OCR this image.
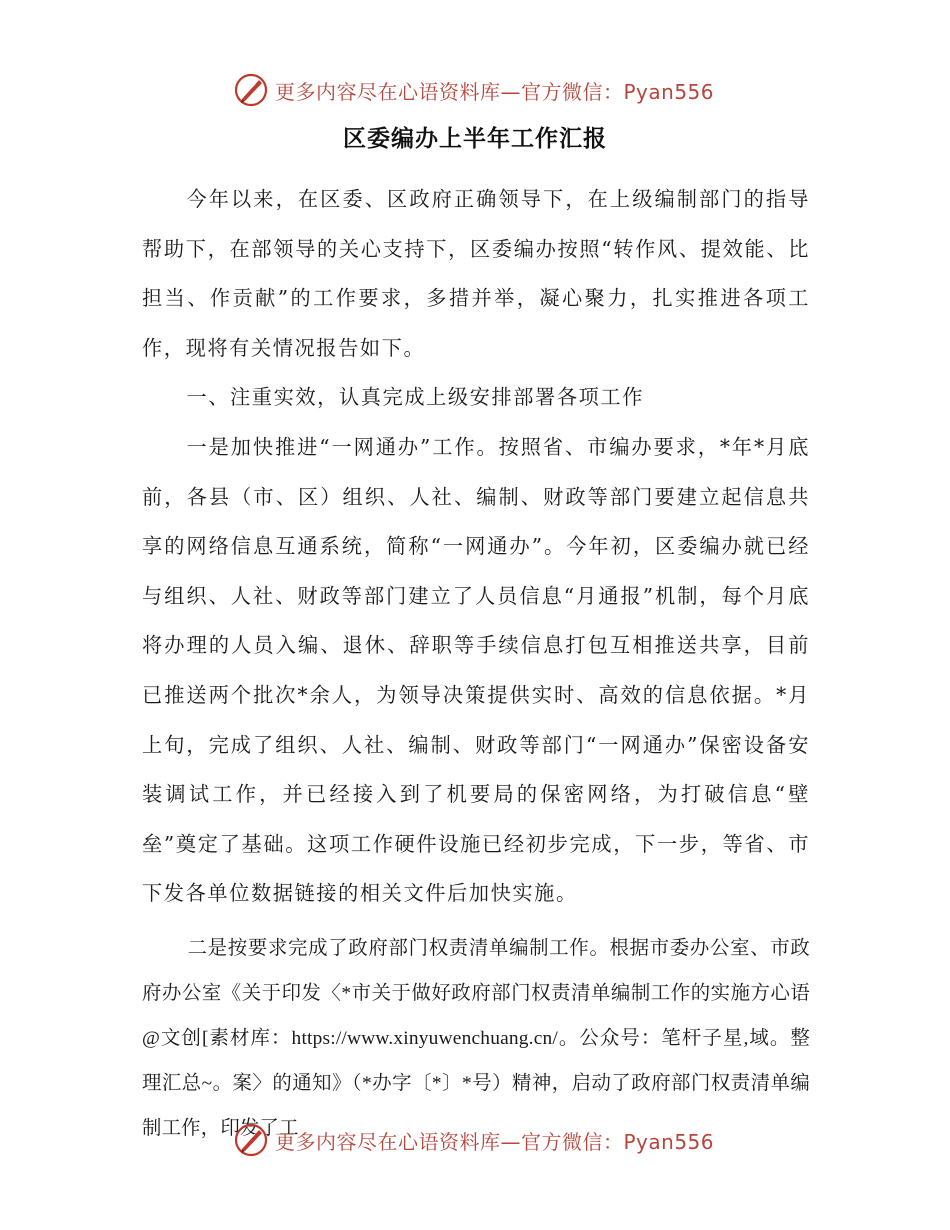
更多内容尽在心语资料库—官方微信：Pyan556
区委编办上半年工作汇报

今年以来，在区委、区政府正确领导下，在上级编制部门的指导帮助下，在部领导的关心支持下，区委编办按照“转作风、提效能、比担当、作贡献”的工作要求，多措并举，凝心聚力，扎实推进各项工作，现将有关情况报告如下。

一、注重实效，认真完成上级安排部署各项工作

一是加快推进“一网通办”工作。按照省、市编办要求，*年*月底前，各县（市、区）组织、人社、编制、财政等部门要建立起信息共享的网络信息互通系统，简称“一网通办”。今年初，区委编办就已经与组织、人社、财政等部门建立了人员信息“月通报”机制，每个月底将办理的人员入编、退休、辞职等手续信息打包互相推送共享，目前已推送两个批次*余人，为领导决策提供实时、高效的信息依据。*月上旬，完成了组织、人社、编制、财政等部门“一网通办”保密设备安装调试工作，并已经接入到了机要局的保密网络，为打破信息“壁垒”奠定了基础。这项工作硬件设施已经初步完成，下一步，等省、市下发各单位数据链接的相关文件后加快实施。

二是按要求完成了政府部门权责清单编制工作。根据市委办公室、市政府办公室《关于印发〈*市关于做好政府部门权责清单编制工作的实施方心语@文创[素材库：https://www.xinyuwenchuang.cn/。公众号：笔杆子星,域。整理汇总~。案〉的通知》（*办字〔*〕*号）精神，启动了政府部门权责清单编制工作，印发了工

更多内容尽在心语资料库—官方微信：Pyan556
